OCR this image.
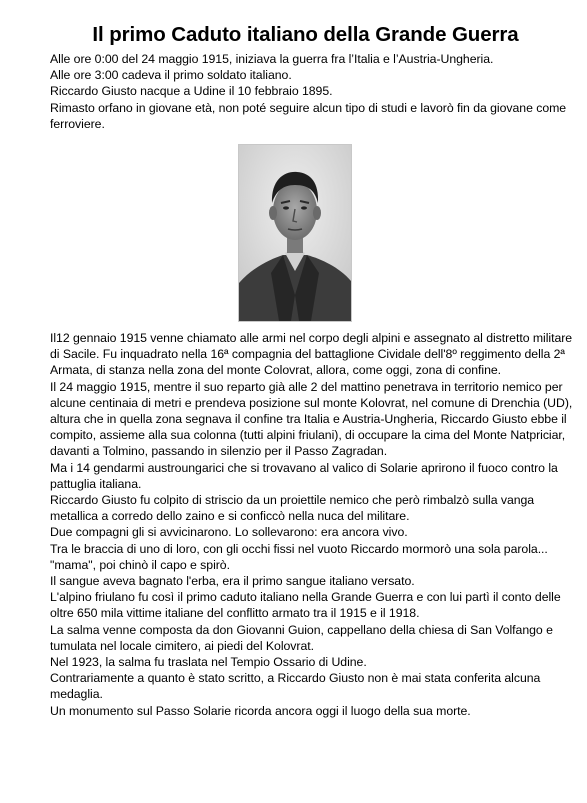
Il primo Caduto italiano della Grande Guerra

Alle ore 0:00 del 24 maggio 1915, iniziava la guerra fra l’Italia e l’Austria-Ungheria.

Alle ore 3:00 cadeva il primo soldato italiano.

Riccardo Giusto nacque a Udine il 10 febbraio 1895.

Rimasto orfano in giovane età, non poté seguire alcun tipo di studi e lavorò fin da giovane come ferroviere.

Il12 gennaio 1915 venne chiamato alle armi nel corpo degli alpini e assegnato al distretto militare di Sacile. Fu inquadrato nella 16ª compagnia del battaglione Cividale dell'8º reggimento della 2ª Armata, di stanza nella zona del monte Colovrat, allora, come oggi, zona di confine.

Il 24 maggio 1915, mentre il suo reparto già alle 2 del mattino penetrava in territorio nemico per alcune centinaia di metri e prendeva posizione sul monte Kolovrat, nel comune di Drenchia (UD), altura che in quella zona segnava il confine tra Italia e Austria-Ungheria, Riccardo Giusto ebbe il compito, assieme alla sua colonna (tutti alpini friulani), di occupare la cima del Monte Natpriciar, davanti a Tolmino, passando in silenzio per il Passo Zagradan.

Ma i 14 gendarmi austroungarici che si trovavano al valico di Solarie aprirono il fuoco contro la pattuglia italiana.

Riccardo Giusto fu colpito di striscio da un proiettile nemico che però rimbalzò sulla vanga metallica a corredo dello zaino e si conficcò nella nuca del militare.

Due compagni gli si avvicinarono. Lo sollevarono: era ancora vivo.

Tra le braccia di uno di loro, con gli occhi fissi nel vuoto Riccardo mormorò una sola parola... "mama", poi chinò il capo e spirò.

Il sangue aveva bagnato l'erba, era il primo sangue italiano versato.

L'alpino friulano fu così il primo caduto italiano nella Grande Guerra e con lui partì il conto delle oltre 650 mila vittime italiane del conflitto armato tra il 1915 e il 1918.

La salma venne composta da don Giovanni Guion, cappellano della chiesa di San Volfango e tumulata nel locale cimitero, ai piedi del Kolovrat.

Nel 1923, la salma fu traslata nel Tempio Ossario di Udine.

Contrariamente a quanto è stato scritto, a Riccardo Giusto non è mai stata conferita alcuna medaglia.

Un monumento sul Passo Solarie ricorda ancora oggi il luogo della sua morte.
